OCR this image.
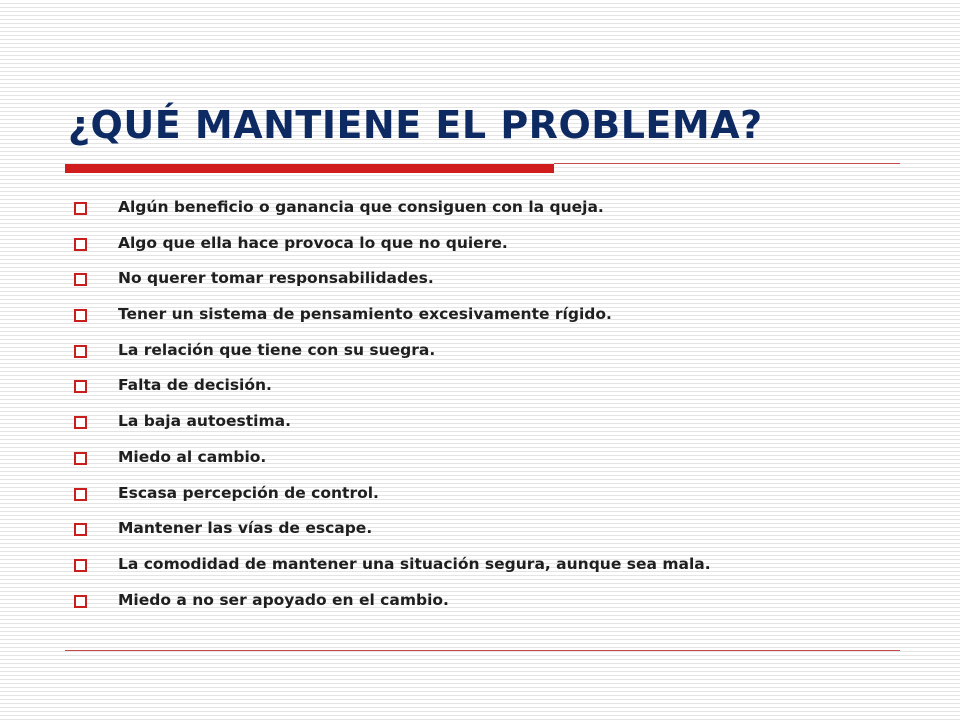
¿QUÉ MANTIENE EL PROBLEMA?
Algún beneficio o ganancia que consiguen con la queja.
Algo que ella hace provoca lo que no quiere.
No querer tomar responsabilidades.
Tener un sistema de pensamiento excesivamente rígido.
La relación que tiene con su suegra.
Falta de decisión.
La baja autoestima.
Miedo al cambio.
Escasa percepción de control.
Mantener las vías de escape.
La comodidad de mantener una situación segura, aunque sea mala.
Miedo a no ser apoyado en el cambio.
